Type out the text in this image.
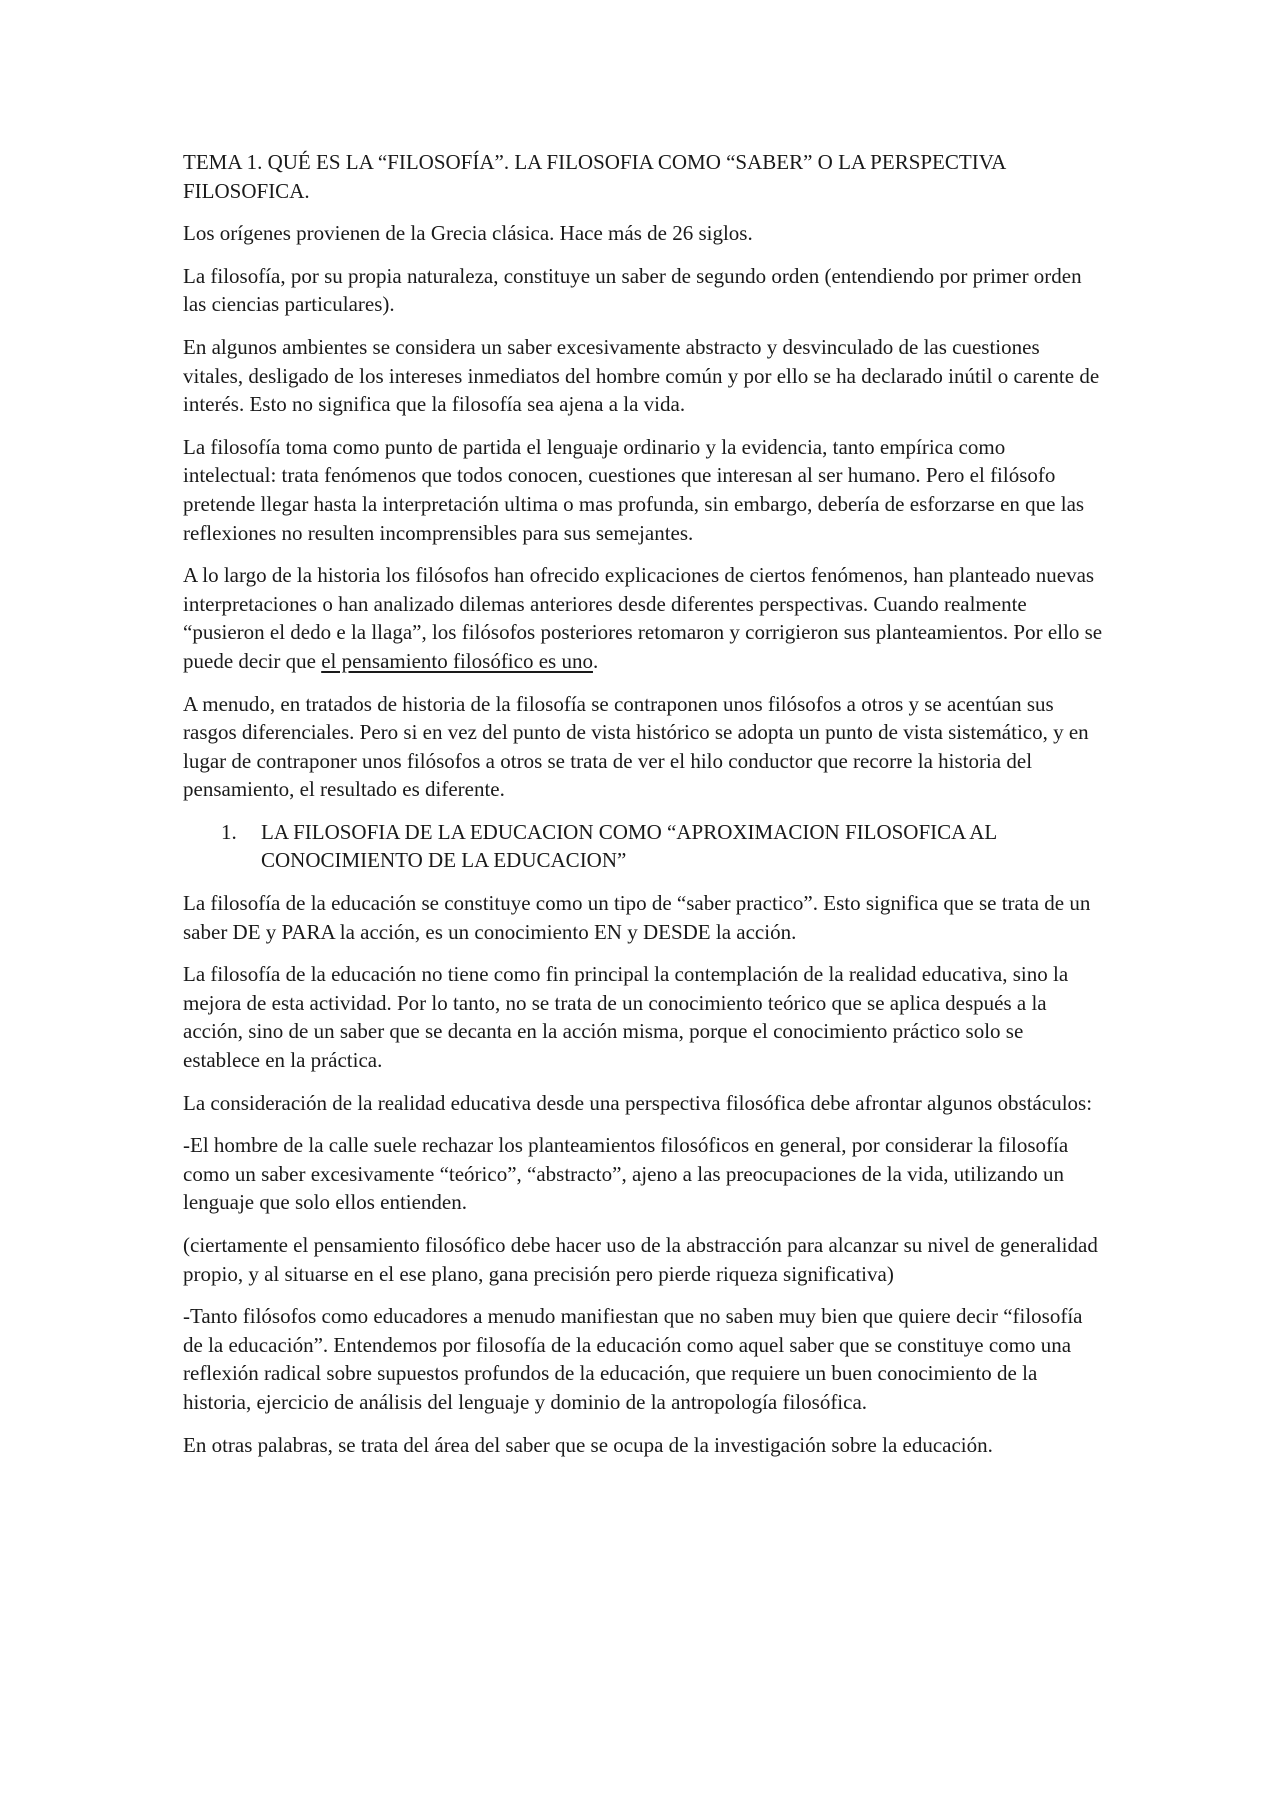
TEMA 1. QUÉ ES LA “FILOSOFÍA”. LA FILOSOFIA COMO “SABER” O LA PERSPECTIVA FILOSOFICA.

Los orígenes provienen de la Grecia clásica. Hace más de 26 siglos.

La filosofía, por su propia naturaleza, constituye un saber de segundo orden (entendiendo por primer orden las ciencias particulares).

En algunos ambientes se considera un saber excesivamente abstracto y desvinculado de las cuestiones vitales, desligado de los intereses inmediatos del hombre común y por ello se ha declarado inútil o carente de interés. Esto no significa que la filosofía sea ajena a la vida.

La filosofía toma como punto de partida el lenguaje ordinario y la evidencia, tanto empírica como intelectual: trata fenómenos que todos conocen, cuestiones que interesan al ser humano. Pero el filósofo pretende llegar hasta la interpretación ultima o mas profunda, sin embargo, debería de esforzarse en que las reflexiones no resulten incomprensibles para sus semejantes.

A lo largo de la historia los filósofos han ofrecido explicaciones de ciertos fenómenos, han planteado nuevas interpretaciones o han analizado dilemas anteriores desde diferentes perspectivas. Cuando realmente “pusieron el dedo e la llaga”, los filósofos posteriores retomaron y corrigieron sus planteamientos. Por ello se puede decir que el pensamiento filosófico es uno.

A menudo, en tratados de historia de la filosofía se contraponen unos filósofos a otros y se acentúan sus rasgos diferenciales. Pero si en vez del punto de vista histórico se adopta un punto de vista sistemático, y en lugar de contraponer unos filósofos a otros se trata de ver el hilo conductor que recorre la historia del pensamiento, el resultado es diferente.

1.	LA FILOSOFIA DE LA EDUCACION COMO “APROXIMACION FILOSOFICA AL CONOCIMIENTO DE LA EDUCACION”

La filosofía de la educación se constituye como un tipo de “saber practico”. Esto significa que se trata de un saber DE y PARA la acción, es un conocimiento EN y DESDE la acción.

La filosofía de la educación no tiene como fin principal la contemplación de la realidad educativa, sino la mejora de esta actividad. Por lo tanto, no se trata de un conocimiento teórico que se aplica después a la acción, sino de un saber que se decanta en la acción misma, porque el conocimiento práctico solo se establece en la práctica.

La consideración de la realidad educativa desde una perspectiva filosófica debe afrontar algunos obstáculos:

-El hombre de la calle suele rechazar los planteamientos filosóficos en general, por considerar la filosofía como un saber excesivamente “teórico”, “abstracto”, ajeno a las preocupaciones de la vida, utilizando un lenguaje que solo ellos entienden.

(ciertamente el pensamiento filosófico debe hacer uso de la abstracción para alcanzar su nivel de generalidad propio, y al situarse en el ese plano, gana precisión pero pierde riqueza significativa)

-Tanto filósofos como educadores a menudo manifiestan que no saben muy bien que quiere decir “filosofía de la educación”. Entendemos por filosofía de la educación como aquel saber que se constituye como una reflexión radical sobre supuestos profundos de la educación, que requiere un buen conocimiento de la historia, ejercicio de análisis del lenguaje y dominio de la antropología filosófica.

En otras palabras, se trata del área del saber que se ocupa de la investigación sobre la educación.
